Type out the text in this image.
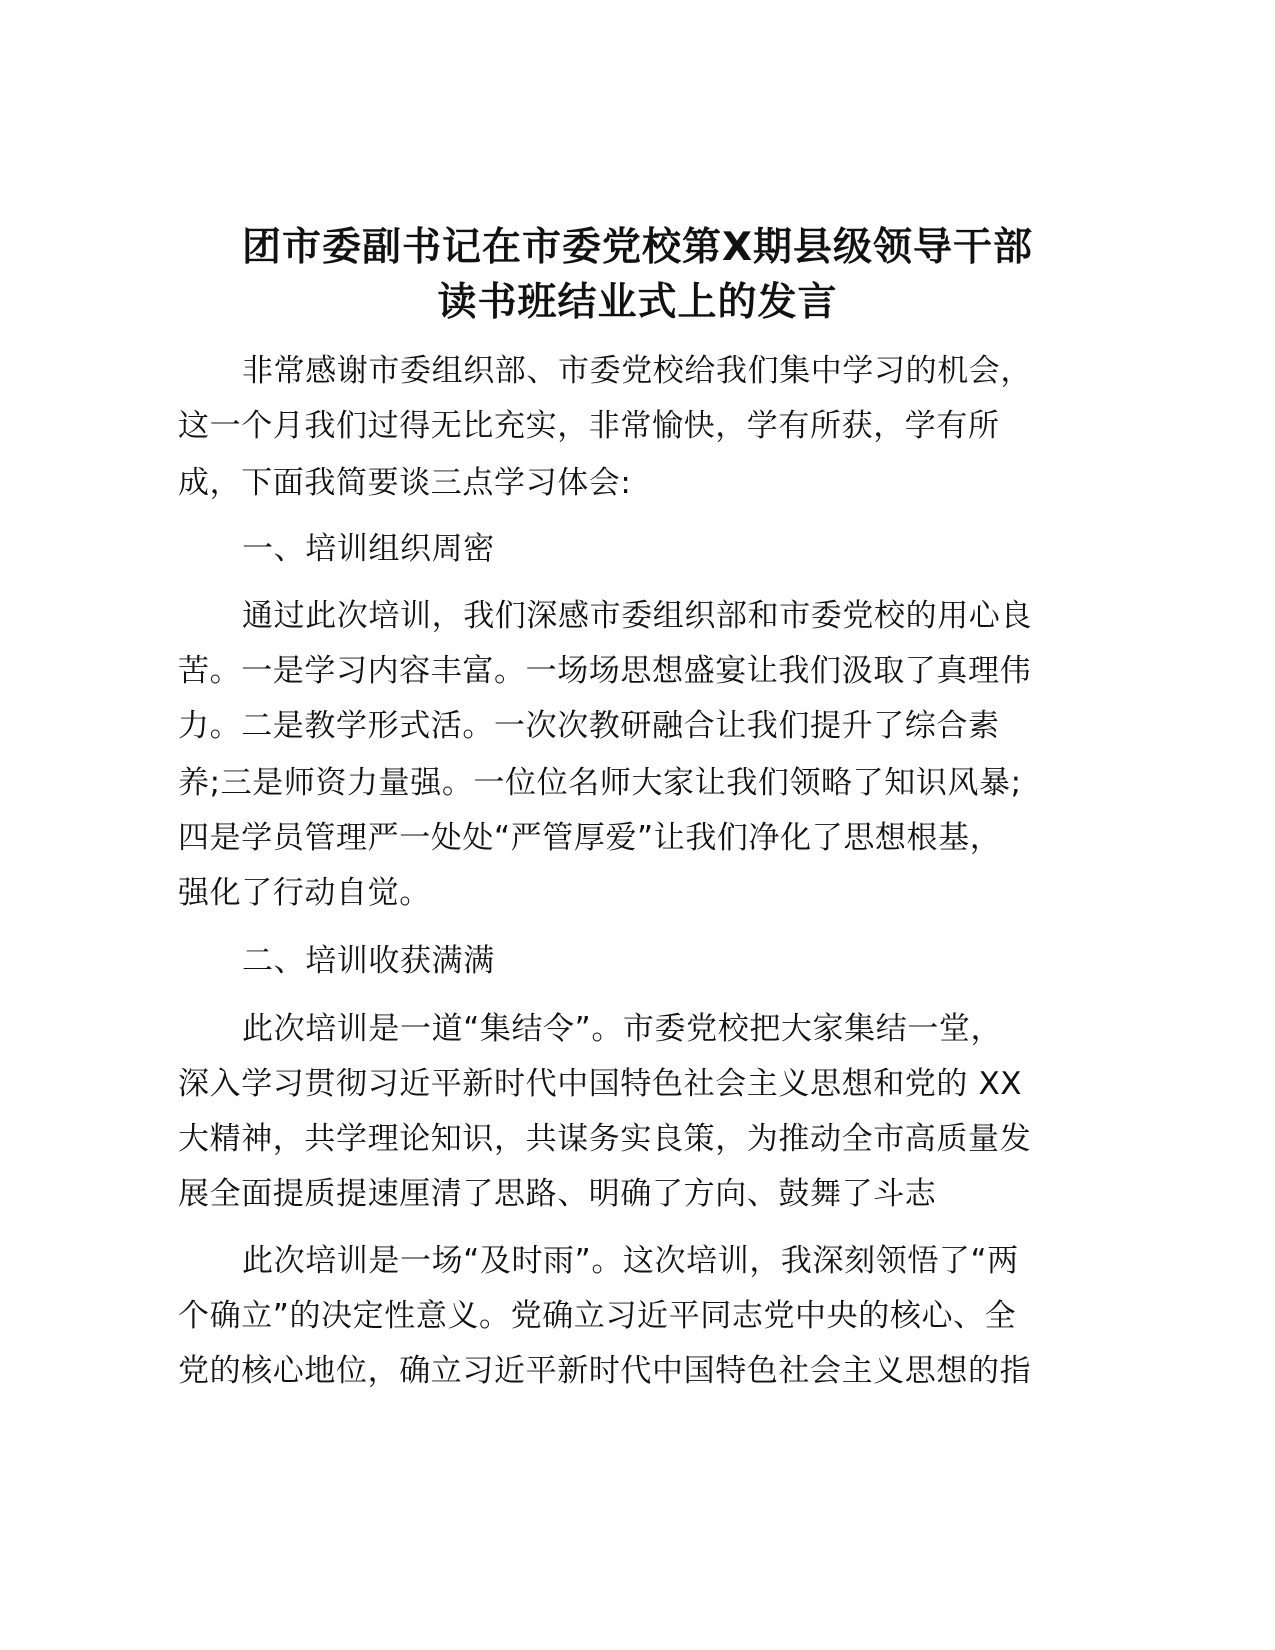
团市委副书记在市委党校第Ⅹ期县级领导干部
读书班结业式上的发言
非常感谢市委组织部、市委党校给我们集中学习的机会，
这一个月我们过得无比充实，非常愉快，学有所获，学有所
成，下面我简要谈三点学习体会:
一、培训组织周密
通过此次培训，我们深感市委组织部和市委党校的用心良
苦。一是学习内容丰富。一场场思想盛宴让我们汲取了真理伟
力。二是教学形式活。一次次教研融合让我们提升了综合素
养;三是师资力量强。一位位名师大家让我们领略了知识风暴;
四是学员管理严一处处“严管厚爱”让我们净化了思想根基，
强化了行动自觉。
二、培训收获满满
此次培训是一道“集结令”。市委党校把大家集结一堂，
深入学习贯彻习近平新时代中国特色社会主义思想和党的 XX
大精神，共学理论知识，共谋务实良策，为推动全市高质量发
展全面提质提速厘清了思路、明确了方向、鼓舞了斗志
此次培训是一场“及时雨”。这次培训，我深刻领悟了“两
个确立”的决定性意义。党确立习近平同志党中央的核心、全
党的核心地位，确立习近平新时代中国特色社会主义思想的指
